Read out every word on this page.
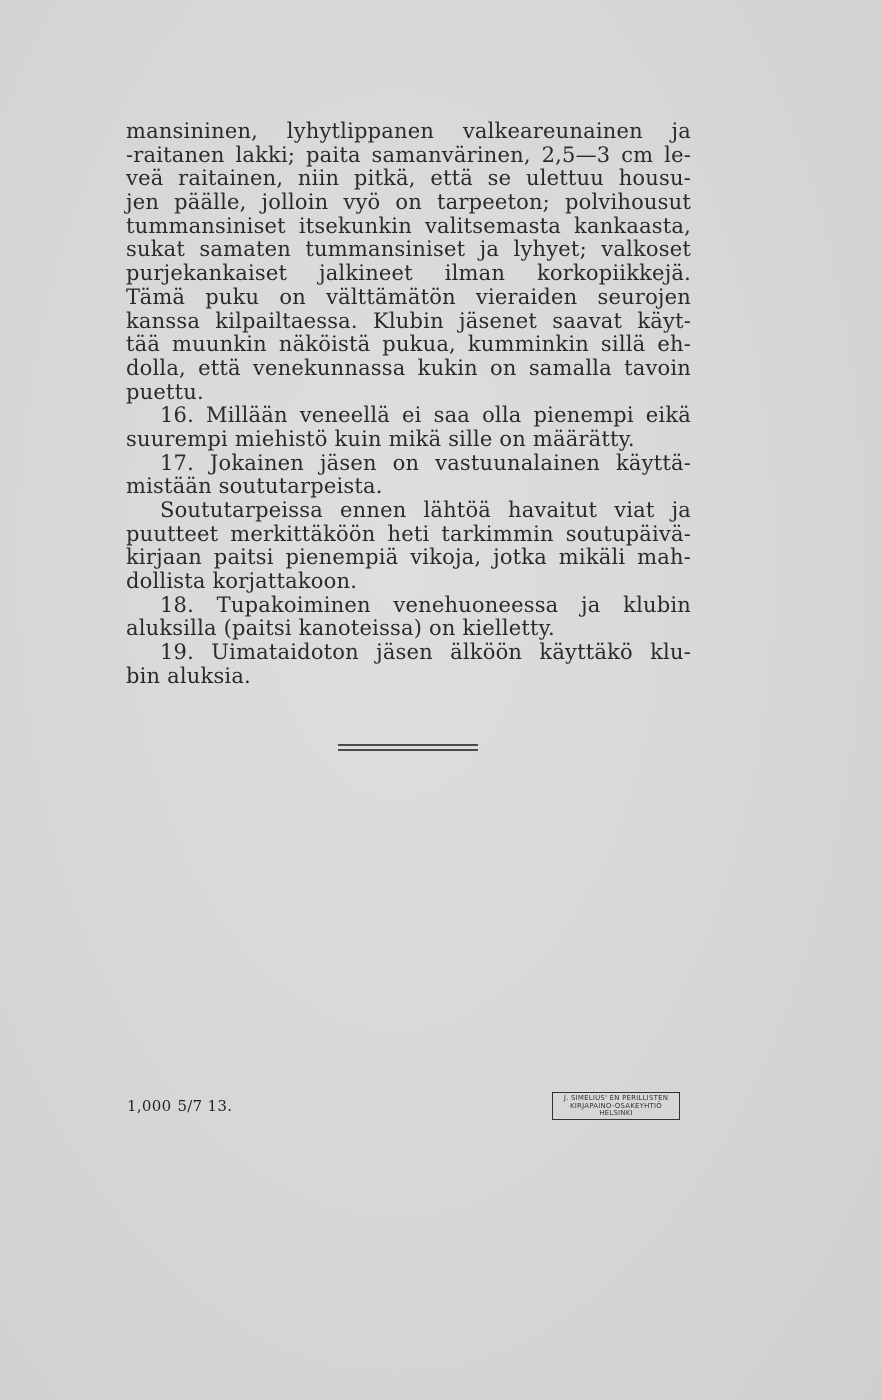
mansininen, lyhytlippanen valkeareunainen ja
-raitanen lakki; paita samanvärinen, 2,5—3 cm le-
veä raitainen, niin pitkä, että se ulettuu housu-
jen päälle, jolloin vyö on tarpeeton; polvihousut
tummansiniset itsekunkin valitsemasta kankaasta,
sukat samaten tummansiniset ja lyhyet; valkoset
purjekankaiset jalkineet ilman korkopiikkejä.
Tämä puku on välttämätön vieraiden seurojen
kanssa kilpailtaessa. Klubin jäsenet saavat käyt-
tää muunkin näköistä pukua, kumminkin sillä eh-
dolla, että venekunnassa kukin on samalla tavoin
puettu.
16. Millään veneellä ei saa olla pienempi eikä
suurempi miehistö kuin mikä sille on määrätty.
17. Jokainen jäsen on vastuunalainen käyttä-
mistään soututarpeista.
Soututarpeissa ennen lähtöä havaitut viat ja
puutteet merkittäköön heti tarkimmin soutupäivä-
kirjaan paitsi pienempiä vikoja, jotka mikäli mah-
dollista korjattakoon.
18. Tupakoiminen venehuoneessa ja klubin
aluksilla (paitsi kanoteissa) on kielletty.
19. Uimataidoton jäsen älköön käyttäkö klu-
bin aluksia.
1,000 5/7 13.	J. SIMELIUS' EN PERILLISTEN
KIRJAPAINO-OSAKEYHTIÖ
HELSINKI
